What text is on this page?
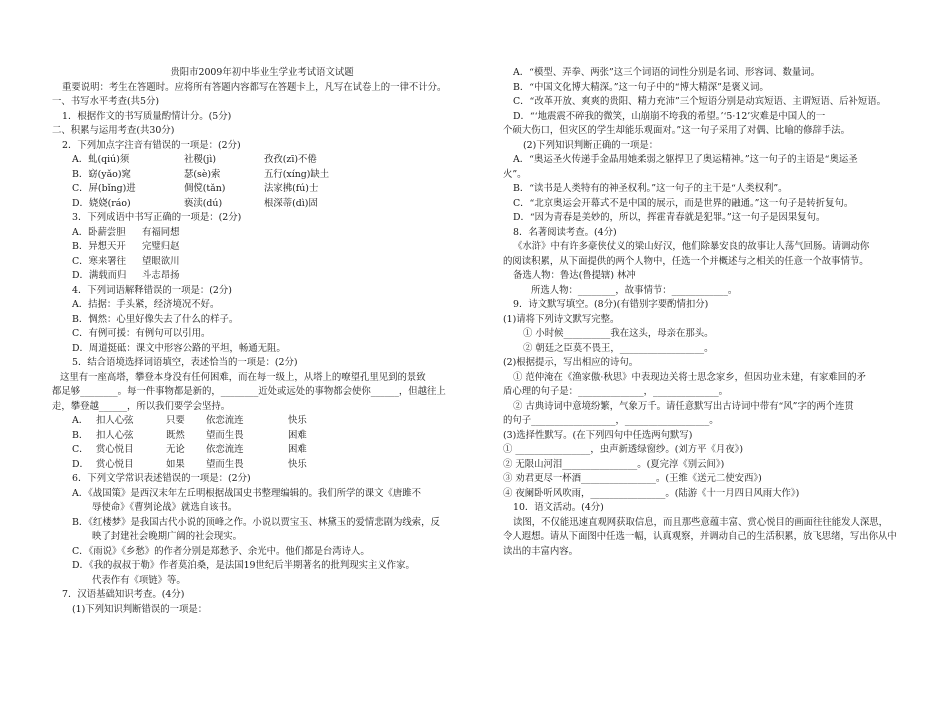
贵阳市2009年初中毕业生学业考试语文试题
重要说明：考生在答题时。应将所有答题内容都写在答题卡上，凡写在试卷上的一律不计分。
一、书写水平考查(共5分)
1．根据作文的书写质量酌情计分。(5分)
二、积累与运用考查(共30分)
2．下列加点字注音有错误的一项是：(2分)
A．虬(qiú)须	社稷(jì)	孜孜(zī)不倦
B．窈(yǎo)窕	瑟(sè)索	五行(xíng)缺土
C．屏(bǐng)进	倜傥(tǎn)	法家拂(fú)士
D．娆娆(ráo)	亵渎(dú)	根深蒂(dì)固
3．下列成语中书写正确的一项是：(2分)
A．卧薪尝胆 有福同想
B．异想天开 完璧归赵
C．寒来署往 望眼欲川
D．满载而归 斗志昂扬
4．下列词语解释错误的一项是：(2分)
A．拮据：手头紧，经济境况不好。
B．惆然：心里好像失去了什么的样子。
C．有例可援：有例句可以引用。
D．周道挺砥：课文中形容公路的平坦，畅通无阻。
5．结合语境选择词语填空，表述恰当的一项是：(2分)
这里有一座高塔，攀登本身没有任何困难，而在每一级上，从塔上的嘹望孔里见到的景致
都足够________。每一件事物都是新的，________近处或远处的事物都会使你______，但越往上
走，攀登越______，所以我们要学会坚持。
A． 扣人心弦	只要	依恋流连	快乐
B． 扣人心弦	既然	望而生畏	困难
C． 赏心悦目	无论	依恋流连	困难
D． 赏心悦目	如果	望而生畏	快乐
6．下列文学常识表述错误的一项是：(2分)
A．《战国策》是西汉末年左丘明根据战国史书整理编辑的。我们所学的课文《唐雎不
辱使命》《曹刿论战》就选自该书。
B．《红楼梦》是我国古代小说的顶峰之作。小说以贾宝玉、林黛玉的爱情悲剧为线索，反
映了封建社会晚期广阔的社会现实。
C．《雨说》《乡愁》的作者分别是郑愁予、余光中。他们都是台湾诗人。
D．《我的叔叔于勒》作者莫泊桑，是法国19世纪后半期著名的批判现实主义作家。
代表作有《项链》等。
7．汉语基础知识考查。(4分)
(1)下列知识判断错误的一项是：
A．“模型、弄拳、两张”这三个词语的词性分别是名词、形容词、数量词。
B．“中国文化博大精深。”这一句子中的“博大精深”是褒义词。
C．“改革开放、爽爽的贵阳、精力充沛”三个短语分别是动宾短语、主谓短语、后补短语。
D．“‘地震震不碎我的微笑，山崩崩不垮我的希望。’‘5·12’灾难是中国人的一
个硕大伤口，但灾区的学生却能乐观面对。”这一句子采用了对偶、比喻的修辞手法。
(2)下列知识判断正确的一项是：
A．“奥运圣火传递手金晶用她柔弱之躯捍卫了奥运精神。”这一句子的主语是“奥运圣
火”。
B．“读书是人类特有的神圣权利。”这一句子的主干是“人类权利”。
C．“北京奥运会开幕式不是中国的展示，而是世界的融通。”这一句子是转折复句。
D．“因为青春是美妙的，所以，挥霍青春就是犯罪。”这一句子是因果复句。
8．名著阅读考查。(4分)
《水浒》中有许多豪侠仗义的梁山好汉，他们除暴安良的故事让人荡气回肠。请调动你
的阅读积累，从下面提供的两个人物中，任选一个并概述与之相关的任意一个故事情节。
备选人物：鲁达(鲁提辖) 林冲
所选人物：________，故事情节：____________。
9．诗文默写填空。(8分)(有错别字要酌情扣分)
(1)请将下列诗文默写完整。
① 小时候__________我在这头，母亲在那头。
② 朝廷之臣莫不畏王，__________________。
(2)根据提示，写出相应的诗句。
① 范仲淹在《渔家傲·秋思》中表现边关将士思念家乡，但因功业未建，有家难回的矛
盾心理的句子是：______________，______________。
② 古典诗词中意境纷繁，气象万千。请任意默写出古诗词中带有“风”字的两个连贯
的句子__________________，__________________。
(3)选择性默写。(在下列四句中任选两句默写)
① ________________，虫声新透绿窗纱。(刘方平《月夜》)
② 无限山河泪________________。(夏完淳《别云间》)
③ 劝君更尽一杯酒________________。(王维《送元二使安西》)
④ 夜阑卧听风吹雨，________________。(陆游《十一月四日风雨大作》)
10．语文活动。(4分)
读图，不仅能迅速直观网获取信息，而且那些意蕴丰富、赏心悦目的画面往往能发人深思，
令人遐想。请从下面图中任选一幅，认真观察，并调动自己的生活积累，放飞思绪，写出你从中
读出的丰富内容。
